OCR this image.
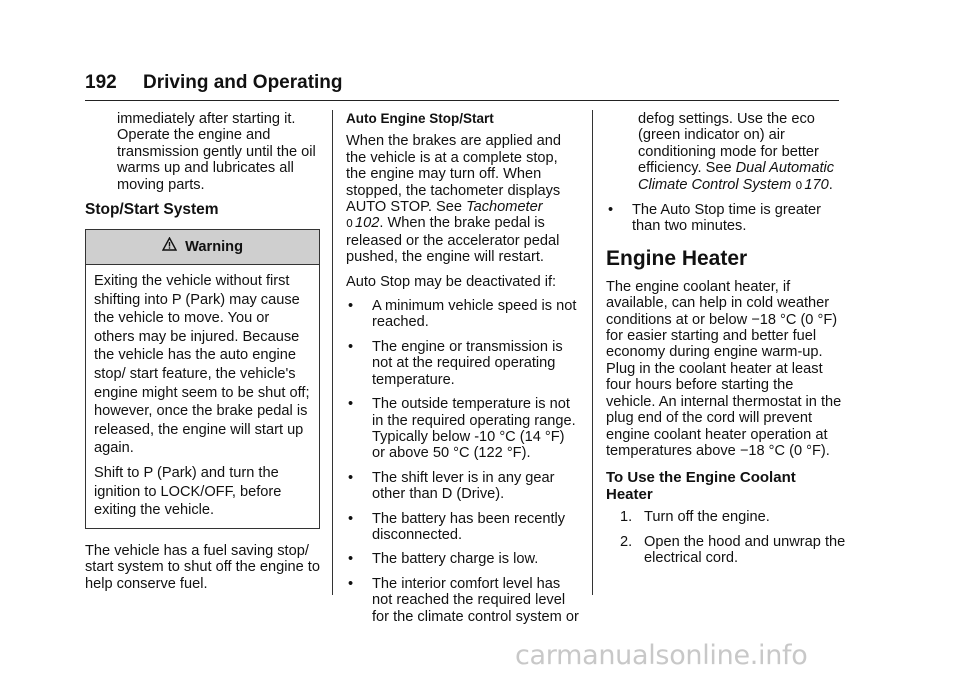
192 Driving and Operating

immediately after starting it. Operate the engine and transmission gently until the oil warms up and lubricates all moving parts.

Stop/Start System
Warning

Exiting the vehicle without first shifting into P (Park) may cause the vehicle to move. You or others may be injured. Because the vehicle has the auto engine stop/ start feature, the vehicle's engine might seem to be shut off; however, once the brake pedal is released, the engine will start up again.

Shift to P (Park) and turn the ignition to LOCK/OFF, before exiting the vehicle.

The vehicle has a fuel saving stop/ start system to shut off the engine to help conserve fuel.

Auto Engine Stop/Start

When the brakes are applied and the vehicle is at a complete stop, the engine may turn off. When stopped, the tachometer displays AUTO STOP. See Tachometer
0 102. When the brake pedal is released or the accelerator pedal pushed, the engine will restart.

Auto Stop may be deactivated if:

• A minimum vehicle speed is not reached.
• The engine or transmission is not at the required operating temperature.
• The outside temperature is not in the required operating range. Typically below -10 °C (14 °F) or above 50 °C (122 °F).
• The shift lever is in any gear other than D (Drive).
• The battery has been recently disconnected.
• The battery charge is low.
• The interior comfort level has not reached the required level for the climate control system or

defog settings. Use the eco (green indicator on) air conditioning mode for better efficiency. See Dual Automatic Climate Control System 0 170.

• The Auto Stop time is greater than two minutes.
Engine Heater

The engine coolant heater, if available, can help in cold weather conditions at or below −18 °C (0 °F) for easier starting and better fuel economy during engine warm-up. Plug in the coolant heater at least four hours before starting the vehicle. An internal thermostat in the plug end of the cord will prevent engine coolant heater operation at temperatures above −18 °C (0 °F).

To Use the Engine Coolant Heater
1. Turn off the engine.
2. Open the hood and unwrap the electrical cord.
carmanualsonline.info
